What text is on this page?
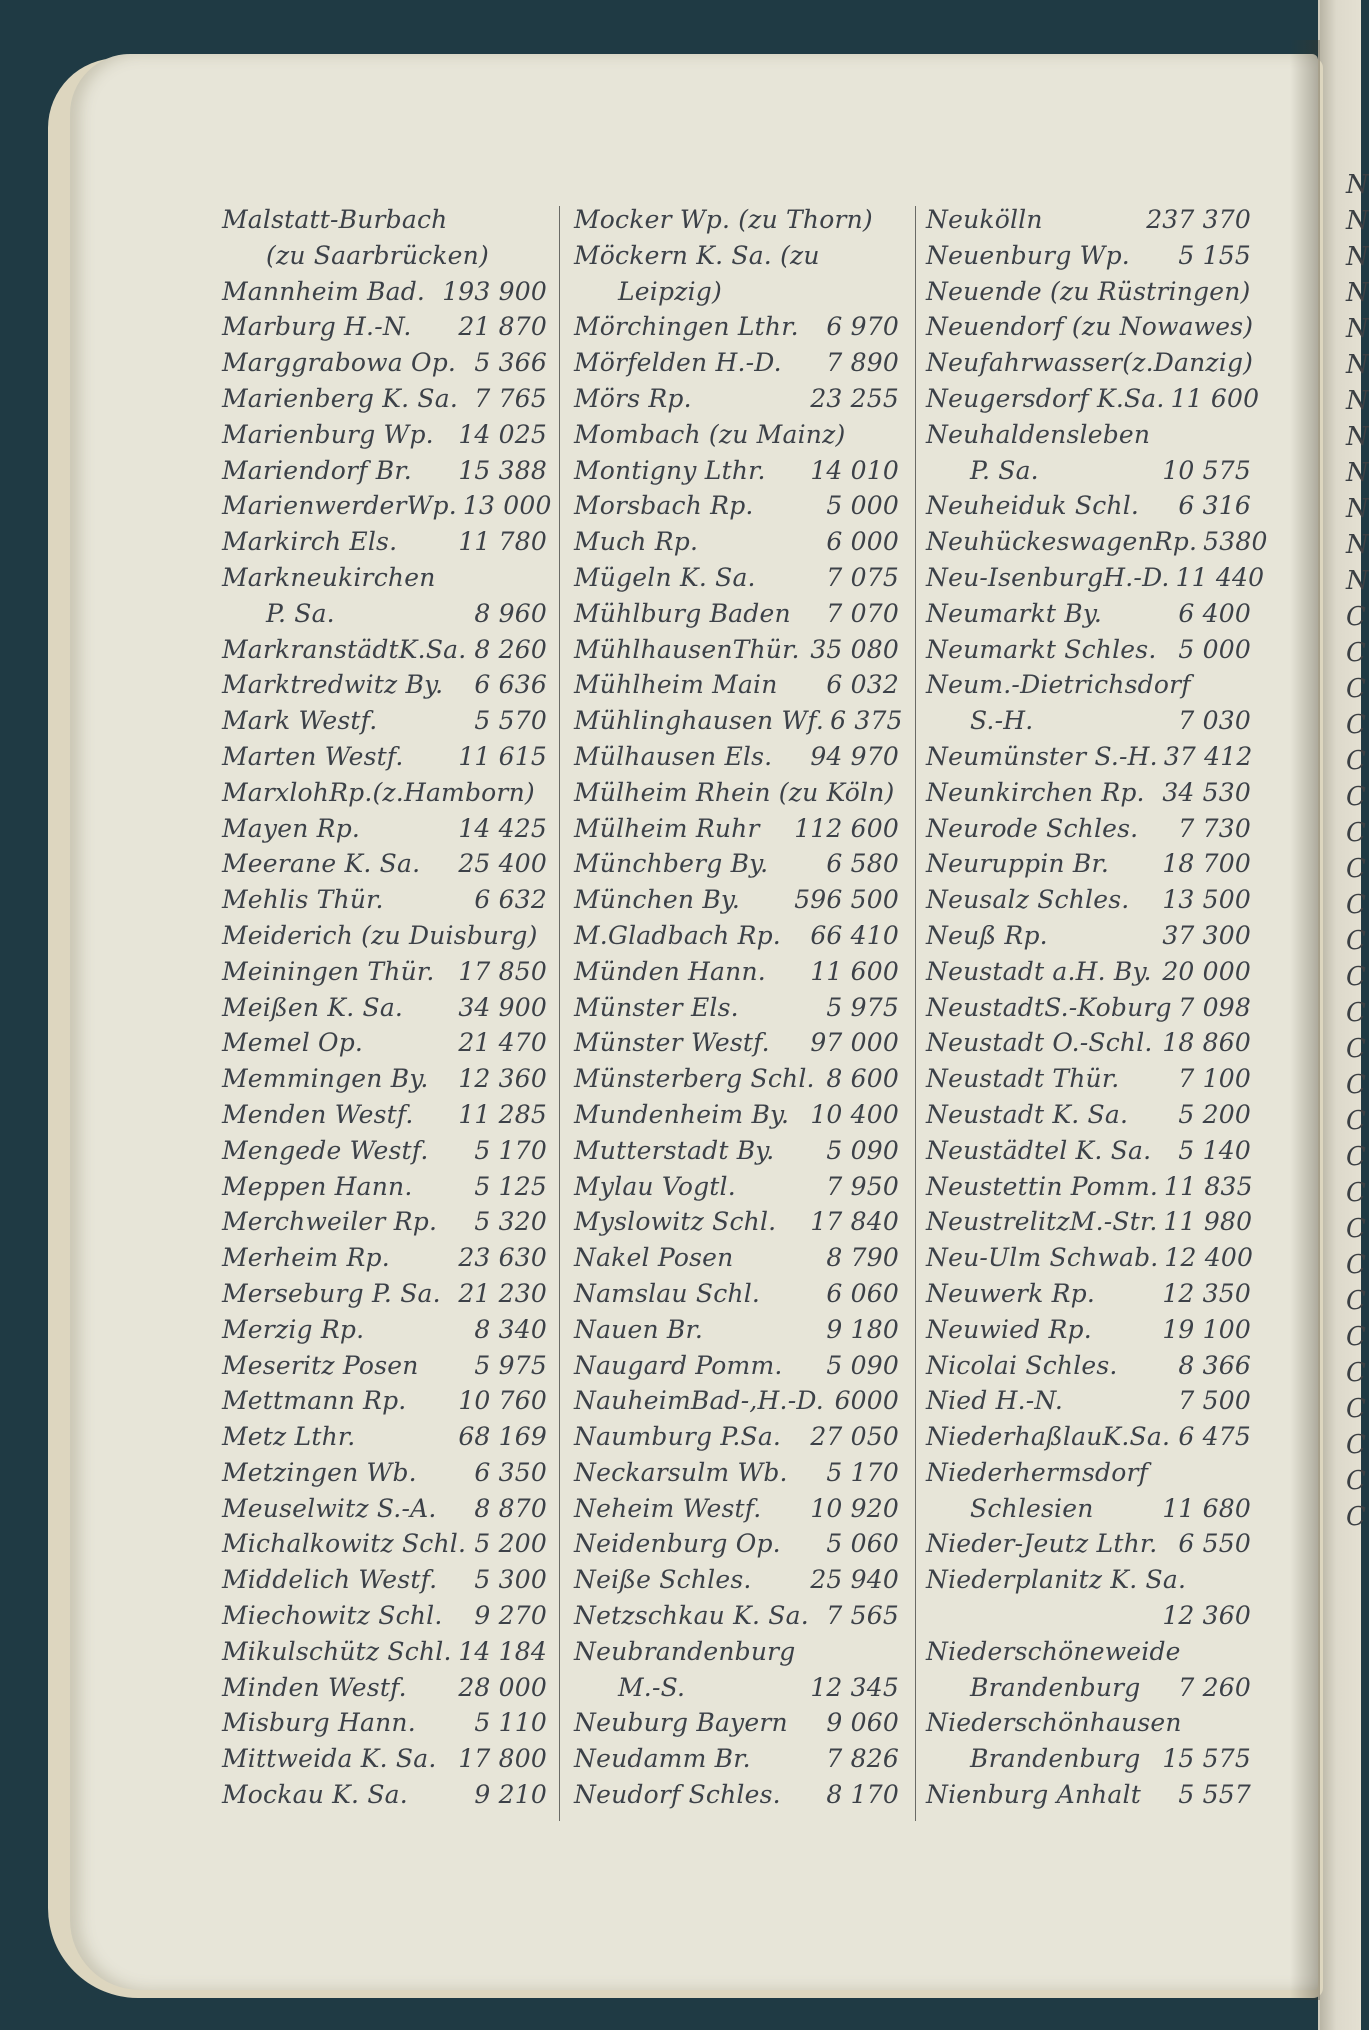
N
N
N
N
N
N
N
N
N
N
N
N
C
C
C
C
C
C
C
C
C
C
C
C
C
C
C
C
C
C
C
C
C
C
C
C
C
C
Malstatt-Burbach
(zu Saarbrücken)
Mannheim Bad. 193 900
Marburg H.-N. 21 870
Marggrabowa Op. 5 366
Marienberg K. Sa. 7 765
Marienburg Wp. 14 025
Mariendorf Br. 15 388
MarienwerderWp. 13 000
Markirch Els. 11 780
Markneukirchen
P. Sa.	8 960
MarkranstädtK.Sa. 8 260
Marktredwitz By. 6 636
Mark Westf.	5 570
Marten Westf. 11 615
MarxlohRp.(z.Hamborn)
Mayen Rp.	14 425
Meerane K. Sa. 25 400
Mehlis Thür.	6 632
Meiderich (zu Duisburg)
Meiningen Thür. 17 850
Meißen K. Sa. 34 900
Memel Op.	21 470
Memmingen By. 12 360
Menden Westf. 11 285
Mengede Westf. 5 170
Meppen Hann. 5 125
Merchweiler Rp. 5 320
Merheim Rp.	23 630
Merseburg P. Sa. 21 230
Merzig Rp.	8 340
Meseritz Posen 5 975
Mettmann Rp. 10 760
Metz Lthr.	68 169
Metzingen Wb. 6 350
Meuselwitz S.-A. 8 870
Michalkowitz Schl. 5 200
Middelich Westf. 5 300
Miechowitz Schl. 9 270
Mikulschütz Schl. 14 184
Minden Westf. 28 000
Misburg Hann. 5 110
Mittweida K. Sa. 17 800
Mockau K. Sa.	9 210
Mocker Wp. (zu Thorn)
Möckern K. Sa. (zu
Leipzig)
Mörchingen Lthr. 6 970
Mörfelden H.-D. 7 890
Mörs Rp.	23 255
Mombach (zu Mainz)
Montigny Lthr. 14 010
Morsbach Rp.	5 000
Much Rp.	6 000
Mügeln K. Sa.	7 075
Mühlburg Baden 7 070
MühlhausenThür. 35 080
Mühlheim Main 6 032
Mühlinghausen Wf. 6 375
Mülhausen Els. 94 970
Mülheim Rhein (zu Köln)
Mülheim Ruhr 112 600
Münchberg By. 6 580
München By. 596 500
M.Gladbach Rp. 66 410
Münden Hann. 11 600
Münster Els.	5 975
Münster Westf. 97 000
Münsterberg Schl. 8 600
Mundenheim By. 10 400
Mutterstadt By. 5 090
Mylau Vogtl.	7 950
Myslowitz Schl. 17 840
Nakel Posen	8 790
Namslau Schl.	6 060
Nauen Br.	9 180
Naugard Pomm. 5 090
NauheimBad-,H.-D. 6000
Naumburg P.Sa. 27 050
Neckarsulm Wb. 5 170
Neheim Westf. 10 920
Neidenburg Op. 5 060
Neiße Schles. 25 940
Netzschkau K. Sa. 7 565
Neubrandenburg
M.-S.	12 345
Neuburg Bayern 9 060
Neudamm Br.	7 826
Neudorf Schles. 8 170
Neukölln	237 370
Neuenburg Wp. 5 155
Neuende (zu Rüstringen)
Neuendorf (zu Nowawes)
Neufahrwasser(z.Danzig)
Neugersdorf K.Sa. 11 600
Neuhaldensleben
P. Sa.	10 575
Neuheiduk Schl. 6 316
NeuhückeswagenRp. 5380
Neu-IsenburgH.-D. 11 440
Neumarkt By.	6 400
Neumarkt Schles. 5 000
Neum.-Dietrichsdorf
S.-H.	7 030
Neumünster S.-H. 37 412
Neunkirchen Rp. 34 530
Neurode Schles. 7 730
Neuruppin Br. 18 700
Neusalz Schles. 13 500
Neuß Rp.	37 300
Neustadt a.H. By. 20 000
NeustadtS.-Koburg 7 098
Neustadt O.-Schl. 18 860
Neustadt Thür. 7 100
Neustadt K. Sa. 5 200
Neustädtel K. Sa. 5 140
Neustettin Pomm. 11 835
NeustrelitzM.-Str. 11 980
Neu-Ulm Schwab. 12 400
Neuwerk Rp.	12 350
Neuwied Rp.	19 100
Nicolai Schles. 8 366
Nied H.-N.	7 500
NiederhaßlauK.Sa. 6 475
Niederhermsdorf
Schlesien	11 680
Nieder-Jeutz Lthr. 6 550
Niederplanitz K. Sa.
12 360
Niederschöneweide
Brandenburg 7 260
Niederschönhausen
Brandenburg 15 575
Nienburg Anhalt 5 557
